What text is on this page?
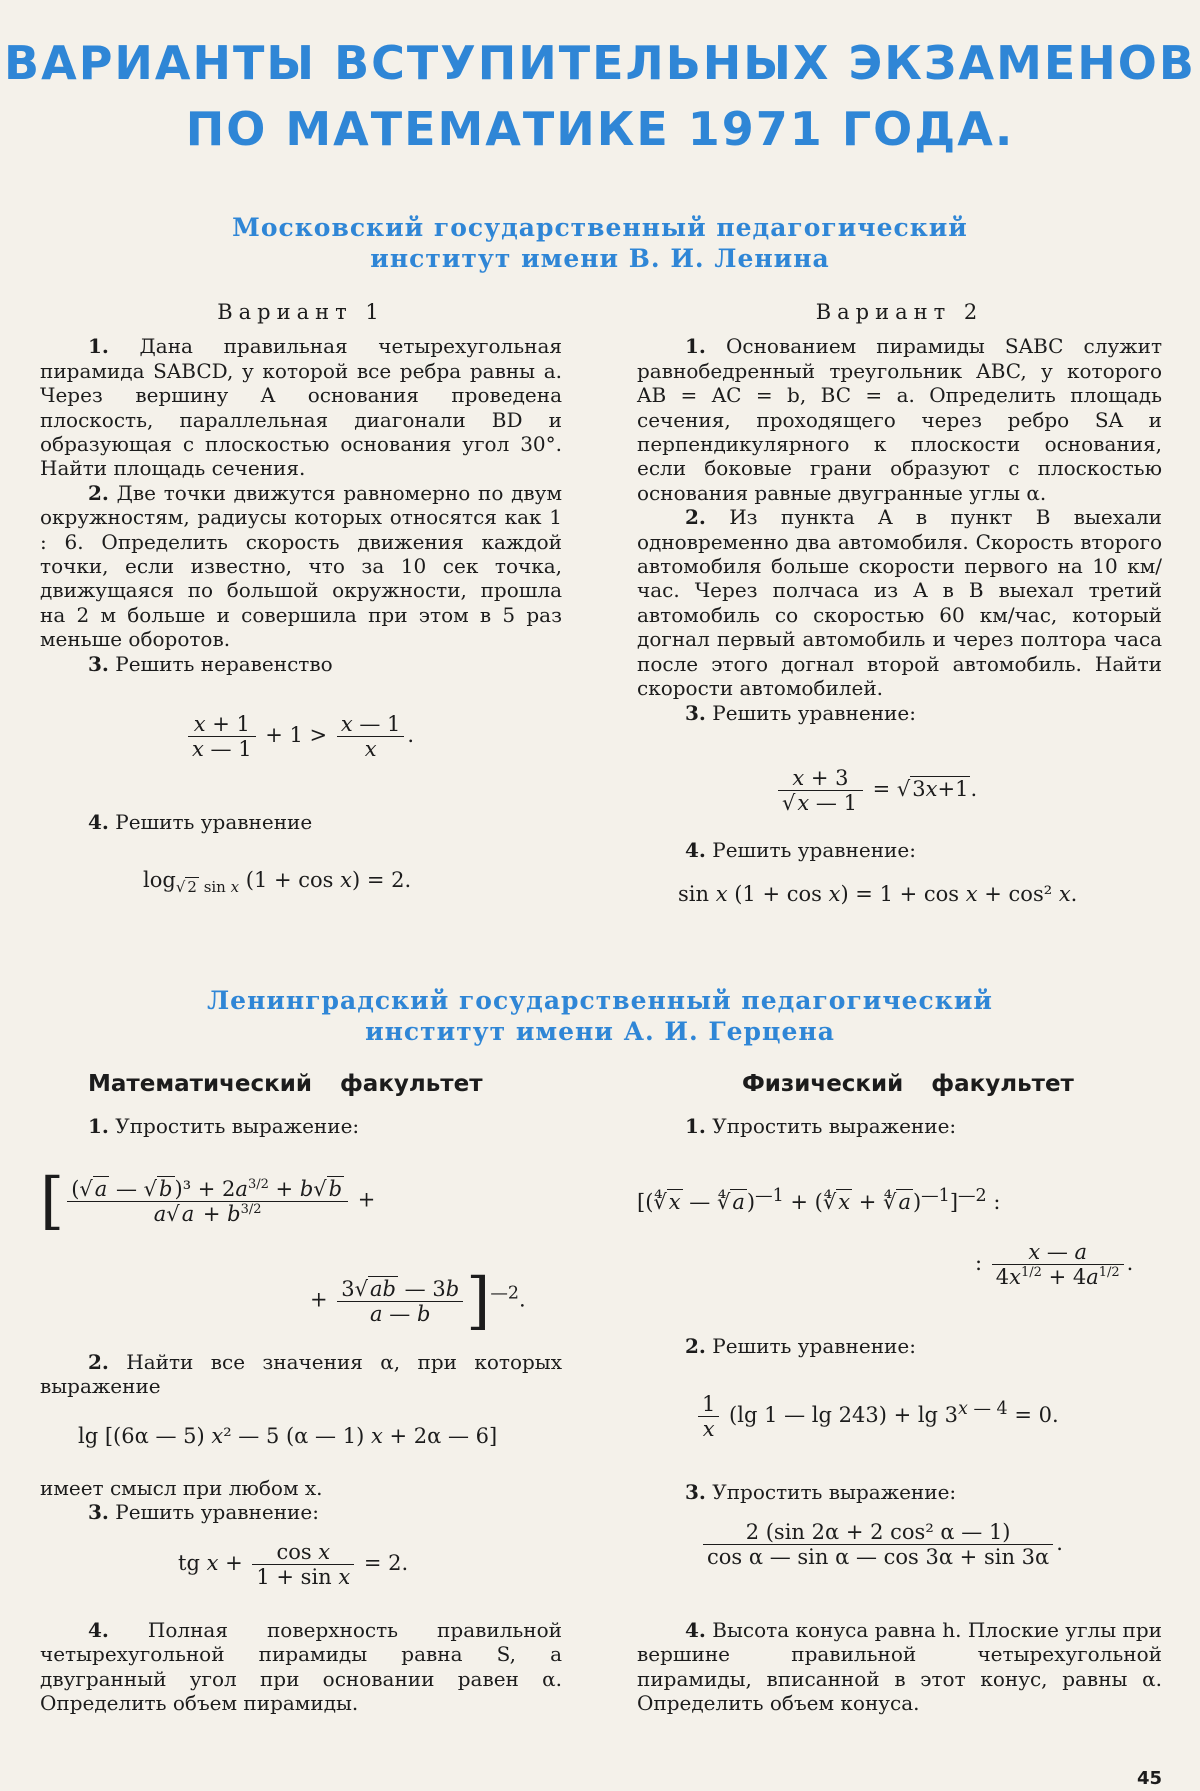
ВАРИАНТЫ ВСТУПИТЕЛЬНЫХ ЭКЗАМЕНОВ
ПО МАТЕМАТИКЕ 1971 ГОДА.
Московский государственный педагогический
институт имени В. И. Ленина
Вариант 1

1. Дана правильная четырехугольная пирамида SABCD, у которой все ребра равны a. Через вершину A основания проведена плоскость, параллельная диагонали BD и образующая с плоскостью основания угол 30°. Найти площадь сечения.

2. Две точки движутся равномерно по двум окружностям, радиусы которых относятся как 1 : 6. Определить скорость движения каждой точки, если известно, что за 10 сек точка, движущаяся по большой окружности, прошла на 2 м больше и совершила при этом в 5 раз меньше оборотов.

3. Решить неравенство

$\frac{x + 1}{x — 1} + 1 > \frac{x — 1}{x}$ .

4. Решить уравнение

$\log_{√ 2 sin x} (1 + \cos x) = 2$.
Вариант 2

1. Основанием пирамиды SABC служит равнобедренный треугольник ABC, у которого AB = AC = b, BC = a. Определить площадь сечения, проходящего через ребро SA и перпендикулярного к плоскости основания, если боковые грани образуют с плоскостью основания равные двугранные углы α.

2. Из пункта A в пункт B выехали одновременно два автомобиля. Скорость второго автомобиля больше скорости первого на 10 км/час. Через полчаса из A в B выехал третий автомобиль со скоростью 60 км/час, который догнал первый автомобиль и через полтора часа после этого догнал второй автомобиль. Найти скорости автомобилей.

3. Решить уравнение:

$\frac{x + 3}{√x — 1} = √3x+1$.

4. Решить уравнение:

sin x (1 + cos x) = 1 + cos x + cos² x.
Ленинградский государственный педагогический
институт имени А. И. Герцена
Математический факультет

1. Упростить выражение:

[ $\frac{(√a — √b)^3 + 2a^{3/2} + b√b}{a√a + b^{3/2}}$ +
+ $\frac{3√ab — 3b}{a — b} ]^{—2}$.

2. Найти все значения α, при которых выражение

lg [(6α — 5) x² — 5 (α — 1) x + 2α — 6]
имеет смысл при любом x.

3. Решить уравнение:

tg $x + \frac{\text{cos x}}{\text{1 + sin x}} = 2$.

4. Полная поверхность правильной четырехугольной пирамиды равна S, а двугранный угол при основании равен α. Определить объем пирамиды.

Физический факультет

1. Упростить выражение:

[(∜x — ∜a)$^{—1}$ + (∜x + ∜a)$^{—1}$]$^{—2}$ :
: $\frac{x — a}{4x^{1/2} + 4a^{1/2}}$ .

2. Решить уравнение:

$\frac{1}{x} (\lg$ 1 — $\lg 243) + \lg 3^{x — 4} = 0$.

3. Упростить выражение:

$\frac{\text{2 (sin 2α + 2 cos² α — 1)}}{\text{cos α — sin α — cos 3α + sin 3α}}$ .

4. Высота конуса равна h. Плоские углы при вершине правильной четырехугольной пирамиды, вписанной в этот конус, равны α. Определить объем конуса.

45
